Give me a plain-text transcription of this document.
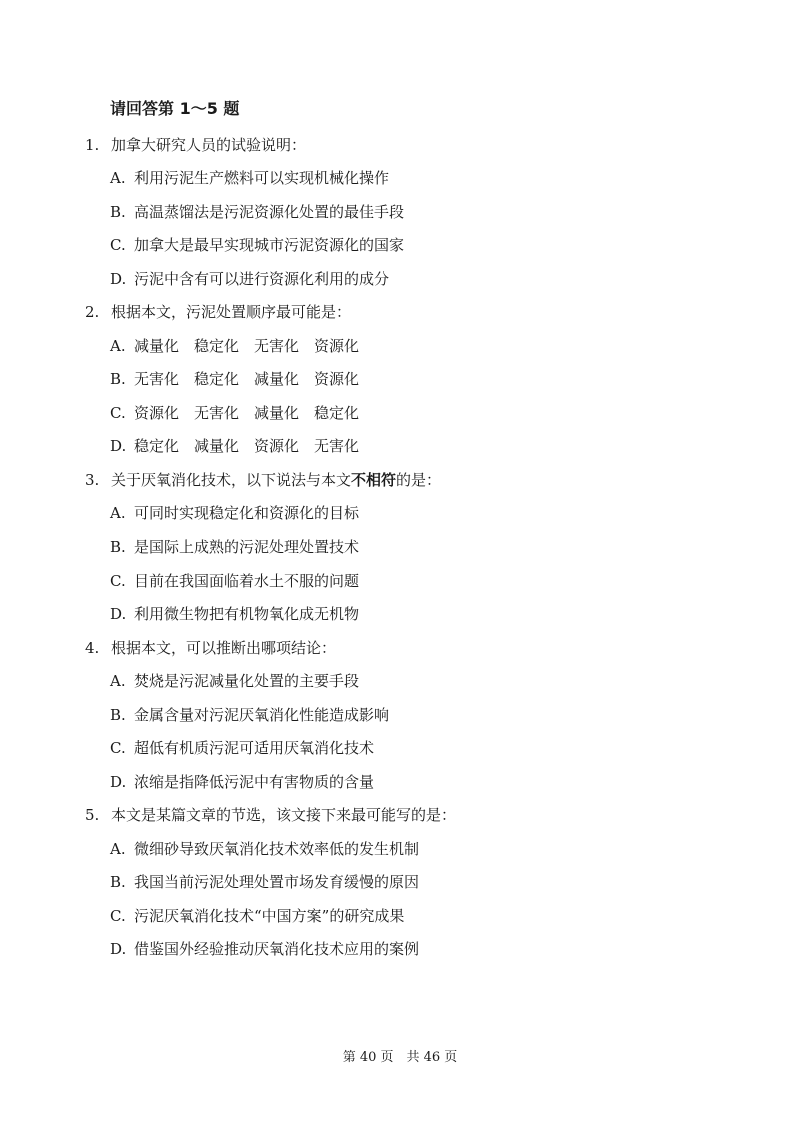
请回答第 1～5 题
1. 加拿大研究人员的试验说明：
A. 利用污泥生产燃料可以实现机械化操作
B. 高温蒸馏法是污泥资源化处置的最佳手段
C. 加拿大是最早实现城市污泥资源化的国家
D. 污泥中含有可以进行资源化利用的成分
2. 根据本文，污泥处置顺序最可能是：
A. 减量化　稳定化　无害化　资源化
B. 无害化　稳定化　减量化　资源化
C. 资源化　无害化　减量化　稳定化
D. 稳定化　减量化　资源化　无害化
3. 关于厌氧消化技术，以下说法与本文不相符的是：
A. 可同时实现稳定化和资源化的目标
B. 是国际上成熟的污泥处理处置技术
C. 目前在我国面临着水土不服的问题
D. 利用微生物把有机物氧化成无机物
4. 根据本文，可以推断出哪项结论：
A. 焚烧是污泥减量化处置的主要手段
B. 金属含量对污泥厌氧消化性能造成影响
C. 超低有机质污泥可适用厌氧消化技术
D. 浓缩是指降低污泥中有害物质的含量
5. 本文是某篇文章的节选，该文接下来最可能写的是：
A. 微细砂导致厌氧消化技术效率低的发生机制
B. 我国当前污泥处理处置市场发育缓慢的原因
C. 污泥厌氧消化技术“中国方案”的研究成果
D. 借鉴国外经验推动厌氧消化技术应用的案例
第 40 页　共 46 页
